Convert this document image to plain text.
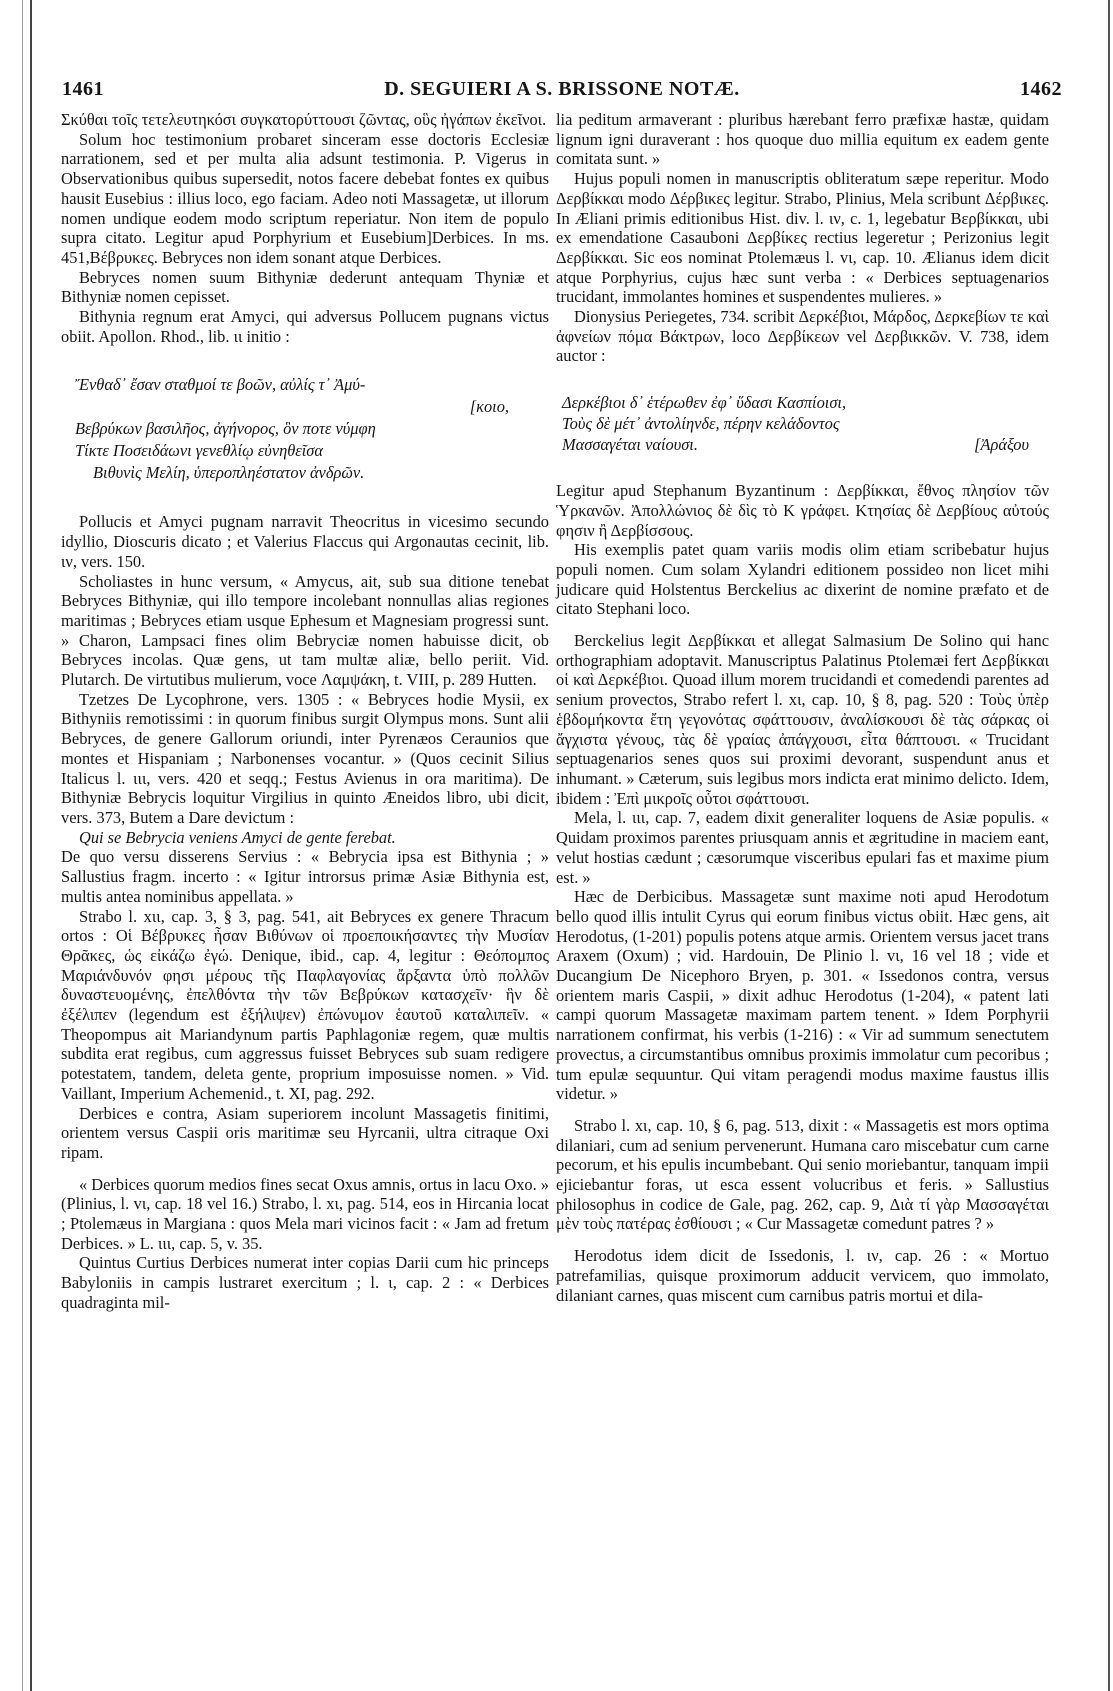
1461	D. SEGUIERI A S. BRISSONE NOTÆ.	1462

Σκύθαι τοῖς τετελευτηκόσι συγκατορύττουσι ζῶντας, οὓς ἠγάπων ἐκεῖνοι.

Solum hoc testimonium probaret sinceram esse doctoris Ecclesiæ narrationem, sed et per multa alia adsunt testimonia. P. Vigerus in Observationibus quibus supersedit, notos facere debebat fontes ex quibus hausit Eusebius : illius loco, ego faciam. Adeo noti Massagetæ, ut illorum nomen undique eodem modo scriptum reperiatur. Non item de populo supra citato. Legitur apud Porphyrium et Eusebium]Derbices. In ms. 451,Βέβρυκες. Bebryces non idem sonant atque Derbices.

Bebryces nomen suum Bithyniæ dederunt antequam Thyniæ et Bithyniæ nomen cepisset.

Bithynia regnum erat Amyci, qui adversus Pollucem pugnans victus obiit. Apollon. Rhod., lib. ιι initio :

Ἔνθαδ᾽ ἔσαν σταθμοί τε βοῶν, αὐλίς τ᾽ Ἀμύ-
[κοιο,
Βεβρύκων βασιλῆος, ἀγήνορος, ὃν ποτε νύμφη
Τίκτε Ποσειδάωνι γενεθλίῳ εὐνηθεῖσα
Βιθυνὶς Μελίη, ὑπεροπληέστατον ἀνδρῶν.

Pollucis et Amyci pugnam narravit Theocritus in vicesimo secundo idyllio, Dioscuris dicato ; et Valerius Flaccus qui Argonautas cecinit, lib. ιν, vers. 150.

Scholiastes in hunc versum, « Amycus, ait, sub sua ditione tenebat Bebryces Bithyniæ, qui illo tempore incolebant nonnullas alias regiones maritimas ; Bebryces etiam usque Ephesum et Magnesiam progressi sunt. » Charon, Lampsaci fines olim Bebryciæ nomen habuisse dicit, ob Bebryces incolas. Quæ gens, ut tam multæ aliæ, bello periit. Vid. Plutarch. De virtutibus mulierum, voce Λαμψάκη, t. VIII, p. 289 Hutten.

Tzetzes De Lycophrone, vers. 1305 : « Bebryces hodie Mysii, ex Bithyniis remotissimi : in quorum finibus surgit Olympus mons. Sunt alii Bebryces, de genere Gallorum oriundi, inter Pyrenæos Ceraunios que montes et Hispaniam ; Narbonenses vocantur. » (Quos cecinit Silius Italicus l. ιιι, vers. 420 et seqq.; Festus Avienus in ora maritima). De Bithyniæ Bebrycis loquitur Virgilius in quinto Æneidos libro, ubi dicit, vers. 373, Butem a Dare devictum :

Qui se Bebrycia veniens Amyci de gente ferebat.

De quo versu disserens Servius : « Bebrycia ipsa est Bithynia ; » Sallustius fragm. incerto : « Igitur introrsus primæ Asiæ Bithynia est, multis antea nominibus appellata. »

Strabo l. xιι, cap. 3, § 3, pag. 541, ait Bebryces ex genere Thracum ortos : Οἱ Βέβρυκες ἦσαν Βιθύνων οἱ προεποικήσαντες τὴν Μυσίαν Θρᾶκες, ὡς εἰκάζω ἐγώ. Denique, ibid., cap. 4, legitur : Θεόπομπος Μαριάνδυνόν φησι μέρους τῆς Παφλαγονίας ἄρξαντα ὑπὸ πολλῶν δυναστευομένης, ἐπελθόντα τὴν τῶν Βεβρύκων κατασχεῖν· ἣν δὲ ἐξέλιπεν (legendum est ἐξήλιψεν) ἐπώνυμον ἑαυτοῦ καταλιπεῖν. « Theopompus ait Mariandynum partis Paphlagoniæ regem, quæ multis subdita erat regibus, cum aggressus fuisset Bebryces sub suam redigere potestatem, tandem, deleta gente, proprium imposuisse nomen. » Vid. Vaillant, Imperium Achemenid., t. XI, pag. 292.

Derbices e contra, Asiam superiorem incolunt Massagetis finitimi, orientem versus Caspii oris maritimæ seu Hyrcanii, ultra citraque Oxi ripam.

« Derbices quorum medios fines secat Oxus amnis, ortus in lacu Oxo. » (Plinius, l. vι, cap. 18 vel 16.) Strabo, l. xι, pag. 514, eos in Hircania locat ; Ptolemæus in Margiana : quos Mela mari vicinos facit : « Jam ad fretum Derbices. » L. ιιι, cap. 5, v. 35.

Quintus Curtius Derbices numerat inter copias Darii cum hic princeps Babyloniis in campis lustraret exercitum ; l. ι, cap. 2 : « Derbices quadraginta mil-

lia peditum armaverant : pluribus hærebant ferro præfixæ hastæ, quidam lignum igni duraverant : hos quoque duo millia equitum ex eadem gente comitata sunt. »

Hujus populi nomen in manuscriptis obliteratum sæpe reperitur. Modo Δερβίκκαι modo Δέρβικες legitur. Strabo, Plinius, Mela scribunt Δέρβικες. In Æliani primis editionibus Hist. div. l. ιν, c. 1, legebatur Βερβίκκαι, ubi ex emendatione Casauboni Δερβίκες rectius legeretur ; Perizonius legit Δερβίκκαι. Sic eos nominat Ptolemæus l. vι, cap. 10. Ælianus idem dicit atque Porphyrius, cujus hæc sunt verba : « Derbices septuagenarios trucidant, immolantes homines et suspendentes mulieres. »

Dionysius Periegetes, 734. scribit Δερκέβιοι, Μάρδος, Δερκεβίων τε καὶ ἀφνείων πόμα Βάκτρων, loco Δερβίκεων vel Δερβικκῶν. V. 738, idem auctor :

Δερκέβιοι δ᾽ ἑτέρωθεν ἐφ᾽ ὕδασι Κασπίοισι,
Τοὺς δὲ μέτ᾽ ἀντολίηνδε, πέρην κελάδοντος
Μασσαγέται ναίουσι.	[Ἀράξου

Legitur apud Stephanum Byzantinum : Δερβίκκαι, ἔθνος πλησίον τῶν Ὑρκανῶν. Ἀπολλώνιος δὲ δὶς τὸ Κ γράφει. Κτησίας δὲ Δερβίους αὐτούς φησιν ἢ Δερβίσσους.

His exemplis patet quam variis modis olim etiam scribebatur hujus populi nomen. Cum solam Xylandri editionem possideo non licet mihi judicare quid Holstentus Berckelius ac dixerint de nomine præfato et de citato Stephani loco.

Berckelius legit Δερβίκκαι et allegat Salmasium De Solino qui hanc orthographiam adoptavit. Manuscriptus Palatinus Ptolemæi fert Δερβίκκαι οἱ καὶ Δερκέβιοι. Quoad illum morem trucidandi et comedendi parentes ad senium provectos, Strabo refert l. xι, cap. 10, § 8, pag. 520 : Τοὺς ὑπὲρ ἑβδομήκοντα ἔτη γεγονότας σφάττουσιν, ἀναλίσκουσι δὲ τὰς σάρκας οἱ ἄγχιστα γένους, τὰς δὲ γραίας ἀπάγχουσι, εἶτα θάπτουσι. « Trucidant septuagenarios senes quos sui proximi devorant, suspendunt anus et inhumant. » Cæterum, suis legibus mors indicta erat minimo delicto. Idem, ibidem : Ἐπὶ μικροῖς οὗτοι σφάττουσι.

Mela, l. ιιι, cap. 7, eadem dixit generaliter loquens de Asiæ populis. « Quidam proximos parentes priusquam annis et ægritudine in maciem eant, velut hostias cædunt ; cæsorumque visceribus epulari fas et maxime pium est. »

Hæc de Derbicibus. Massagetæ sunt maxime noti apud Herodotum bello quod illis intulit Cyrus qui eorum finibus victus obiit. Hæc gens, ait Herodotus, (1-201) populis potens atque armis. Orientem versus jacet trans Araxem (Oxum) ; vid. Hardouin, De Plinio l. vι, 16 vel 18 ; vide et Ducangium De Nicephoro Bryen, p. 301. « Issedonos contra, versus orientem maris Caspii, » dixit adhuc Herodotus (1-204), « patent lati campi quorum Massagetæ maximam partem tenent. » Idem Porphyrii narrationem confirmat, his verbis (1-216) : « Vir ad summum senectutem provectus, a circumstantibus omnibus proximis immolatur cum pecoribus ; tum epulæ sequuntur. Qui vitam peragendi modus maxime faustus illis videtur. »

Strabo l. xι, cap. 10, § 6, pag. 513, dixit : « Massagetis est mors optima dilaniari, cum ad senium pervenerunt. Humana caro miscebatur cum carne pecorum, et his epulis incumbebant. Qui senio moriebantur, tanquam impii ejiciebantur foras, ut esca essent volucribus et feris. » Sallustius philosophus in codice de Gale, pag. 262, cap. 9, Διὰ τί γὰρ Μασσαγέται μὲν τοὺς πατέρας ἐσθίουσι ; « Cur Massagetæ comedunt patres ? »

Herodotus idem dicit de Issedonis, l. ιν, cap. 26 : « Mortuo patrefamilias, quisque proximorum adducit vervicem, quo immolato, dilaniant carnes, quas miscent cum carnibus patris mortui et dila-
